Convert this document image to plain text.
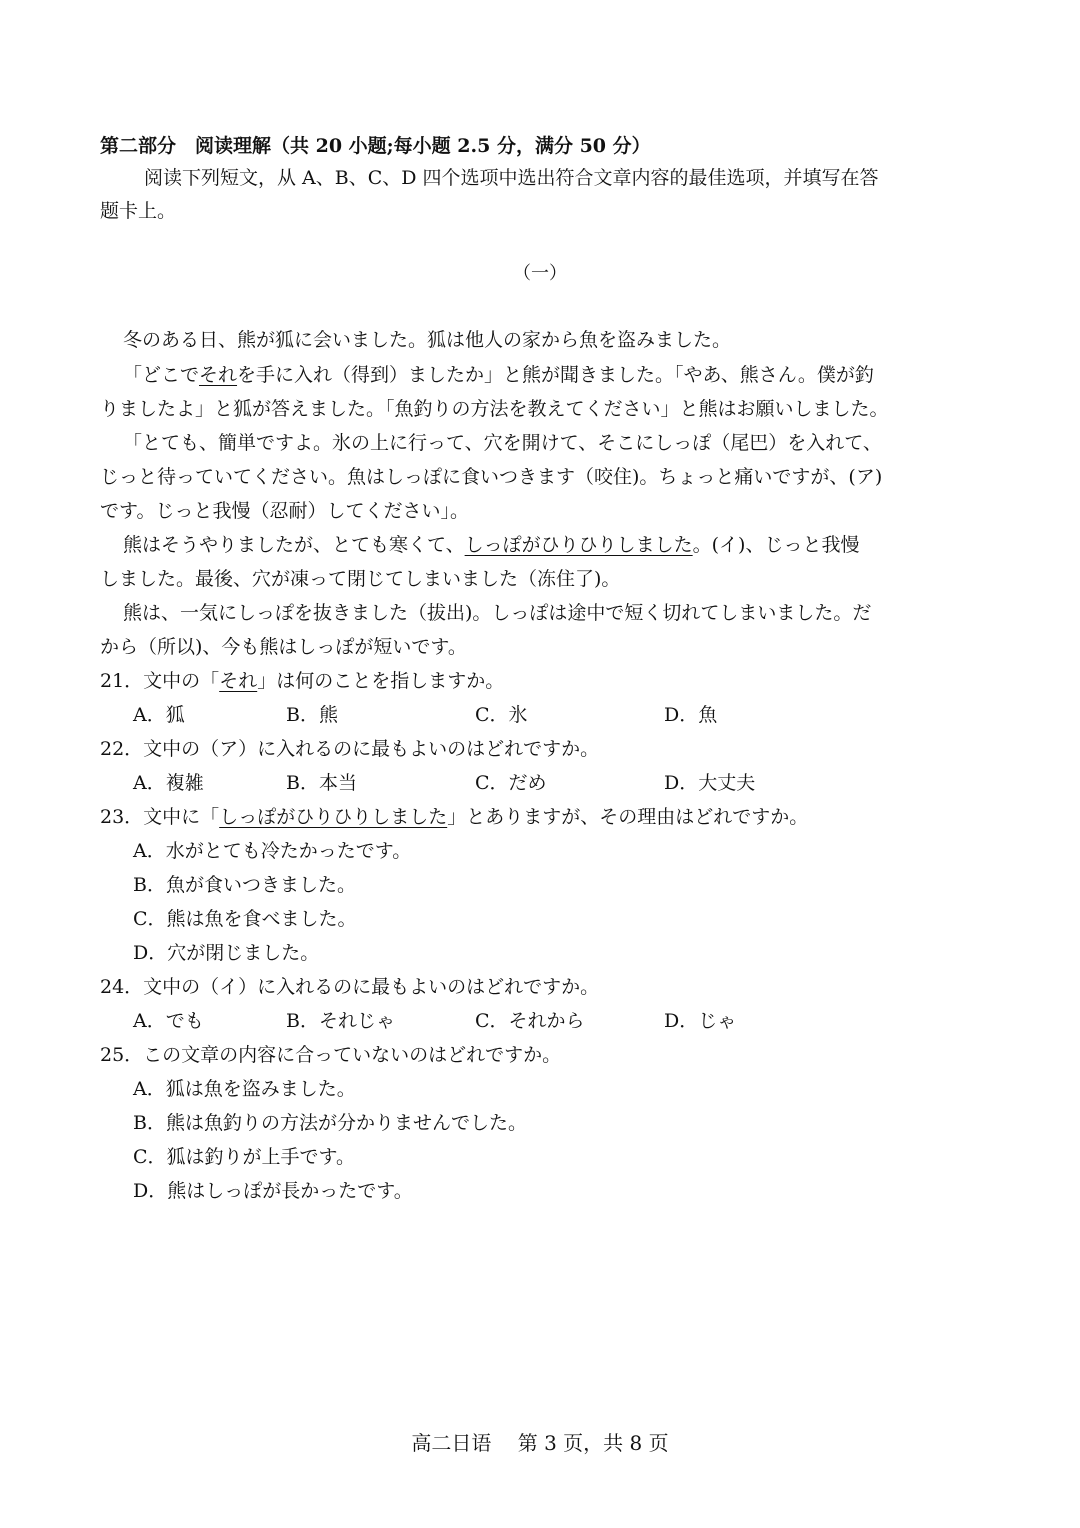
第二部分　阅读理解（共 20 小题;每小题 2.5 分，满分 50 分）
阅读下列短文，从 A、B、C、D 四个选项中选出符合文章内容的最佳选项，并填写在答
题卡上。
（一）
冬のある日、熊が狐に会いました。狐は他人の家から魚を盗みました。
「どこでそれを手に入れ（得到）ましたか」と熊が聞きました。「やあ、熊さん。僕が釣
りましたよ」と狐が答えました。「魚釣りの方法を教えてください」と熊はお願いしました。
「とても、簡単ですよ。氷の上に行って、穴を開けて、そこにしっぽ（尾巴）を入れて、
じっと待っていてください。魚はしっぽに食いつきます（咬住)。ちょっと痛いですが、(ア)
です。じっと我慢（忍耐）してください」。
熊はそうやりましたが、とても寒くて、しっぽがひりひりしました。(イ)、じっと我慢
しました。最後、穴が凍って閉じてしまいました（冻住了)。
熊は、一気にしっぽを抜きました（拔出)。しっぽは途中で短く切れてしまいました。だ
から（所以)、今も熊はしっぽが短いです。
21．文中の「それ」は何のことを指しますか。
A．狐	B．熊	C．氷	D．魚
22．文中の（ア）に入れるのに最もよいのはどれですか。
A．複雑	B．本当	C．だめ	D．大丈夫
23．文中に「しっぽがひりひりしました」とありますが、その理由はどれですか。
A．水がとても冷たかったです。
B．魚が食いつきました。
C．熊は魚を食べました。
D．穴が閉じました。
24．文中の（イ）に入れるのに最もよいのはどれですか。
A．でも	B．それじゃ	C．それから	D．じゃ
25．この文章の内容に合っていないのはどれですか。
A．狐は魚を盗みました。
B．熊は魚釣りの方法が分かりませんでした。
C．狐は釣りが上手です。
D．熊はしっぽが長かったです。
高二日语　 第 3 页，共 8 页
